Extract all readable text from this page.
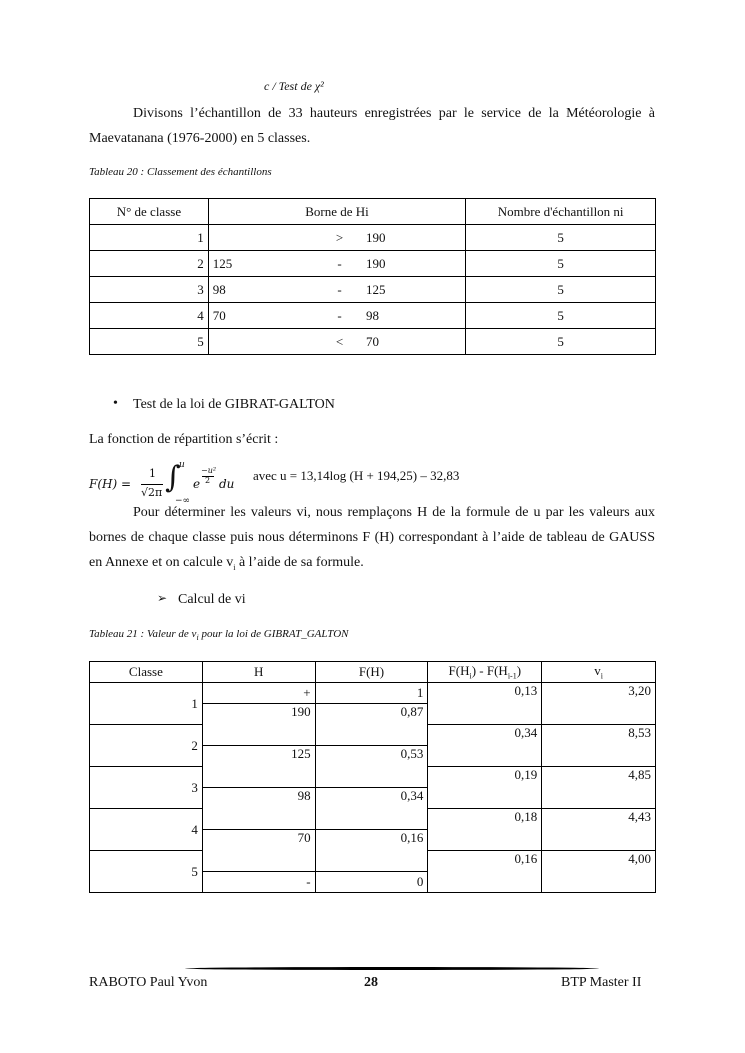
c / Test de χ²
Divisons l’échantillon de 33 hauteurs enregistrées par le service de la Météorologie à Maevatanana (1976-2000) en 5 classes.
Tableau 20 : Classement des échantillons
N° de classe	Borne de Hi			Nombre d'échantillon ni
1		>	190	5
2	125	-	190	5
3	98	-	125	5
4	70	-	98	5
5		<	70	5
• Test de la loi de GIBRAT-GALTON
La fonction de répartition s’écrit :
F(H) =
1
√2π ∫
u
−∞
e
−u²
2 du
avec u = 13,14log (H + 194,25) – 32,83
Pour déterminer les valeurs vi, nous remplaçons H de la formule de u par les valeurs aux bornes de chaque classe puis nous déterminons F (H) correspondant à l’aide de tableau de GAUSS en Annexe et on calcule $v_i$ à l’aide de sa formule.
➢ Calcul de vi
Tableau 21 : Valeur de $v_i$ pour la loi de GIBRAT_GALTON
Classe	H	F(H)	$F(H_i) - F(H_{i-1})$	$v_i$
1	+	1	0,13	3,20
	190	0,87		
2			0,34	8,53
	125	0,53		
3			0,19	4,85
	98	0,34		
4			0,18	4,43
	70	0,16		
5			0,16	4,00
	-	0		
RABOTO Paul Yvon	28	BTP Master II
